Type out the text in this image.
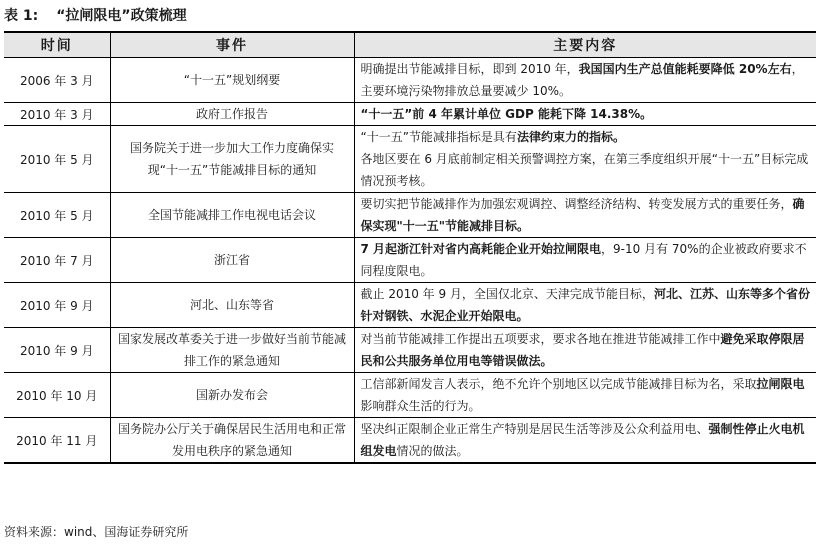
表 1: “拉闸限电”政策梳理
时间	事件	主要内容
2006 年 3 月	“十一五”规划纲要	明确提出节能减排目标，即到 2010 年，我国国内生产总值能耗要降低 20%左右，主要环境污染物排放总量要减少 10%。
2010 年 3 月	政府工作报告	“十一五”前 4 年累计单位 GDP 能耗下降 14.38%。
2010 年 5 月	国务院关于进一步加大工作力度确保实现“十一五”节能减排目标的通知	“十一五”节能减排指标是具有法律约束力的指标。
各地区要在 6 月底前制定相关预警调控方案，在第三季度组织开展“十一五”目标完成情况预考核。
2010 年 5 月	全国节能减排工作电视电话会议	要切实把节能减排作为加强宏观调控、调整经济结构、转变发展方式的重要任务，确保实现"十一五"节能减排目标。
2010 年 7 月	浙江省	7 月起浙江针对省内高耗能企业开始拉闸限电，9-10 月有 70%的企业被政府要求不同程度限电。
2010 年 9 月	河北、山东等省	截止 2010 年 9 月，全国仅北京、天津完成节能目标，河北、江苏、山东等多个省份针对钢铁、水泥企业开始限电。
2010 年 9 月	国家发展改革委关于进一步做好当前节能减排工作的紧急通知	对当前节能减排工作提出五项要求，要求各地在推进节能减排工作中避免采取停限居民和公共服务单位用电等错误做法。
2010 年 10 月	国新办发布会	工信部新闻发言人表示，绝不允许个别地区以完成节能减排目标为名，采取拉闸限电影响群众生活的行为。
2010 年 11 月	国务院办公厅关于确保居民生活用电和正常发用电秩序的紧急通知	坚决纠正限制企业正常生产特别是居民生活等涉及公众利益用电、强制性停止火电机组发电情况的做法。
资料来源：wind、国海证券研究所
